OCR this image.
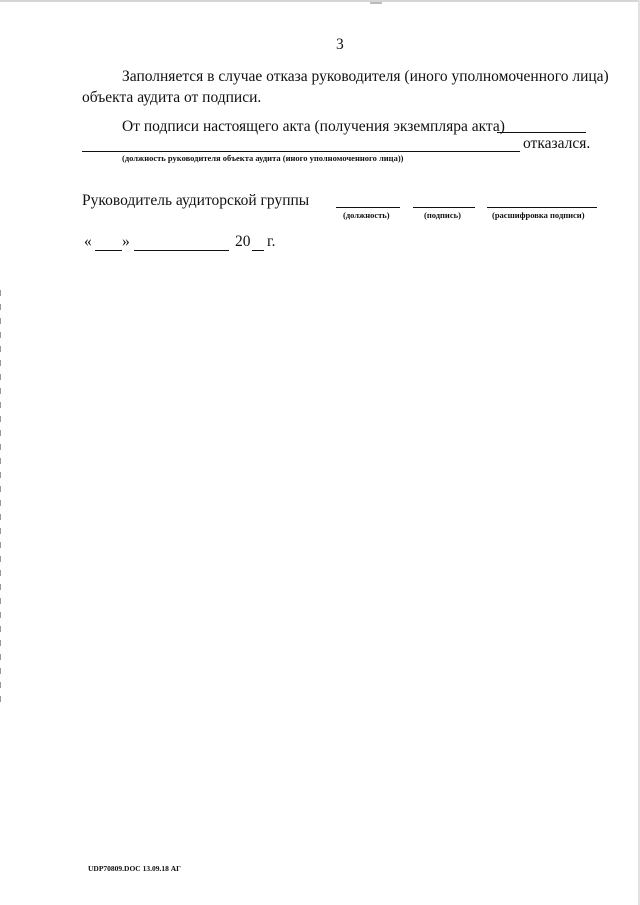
3
Заполняется в случае отказа руководителя (иного уполномоченного лица)
объекта аудита от подписи.
От подписи настоящего акта (получения экземпляра акта)
отказался.
(должность руководителя объекта аудита (иного уполномоченного лица))
Руководитель аудиторской группы
(должность)	(подпись)	(расшифровка подписи)
« »	20 г.
UDP70809.DOC 13.09.18 АГ
